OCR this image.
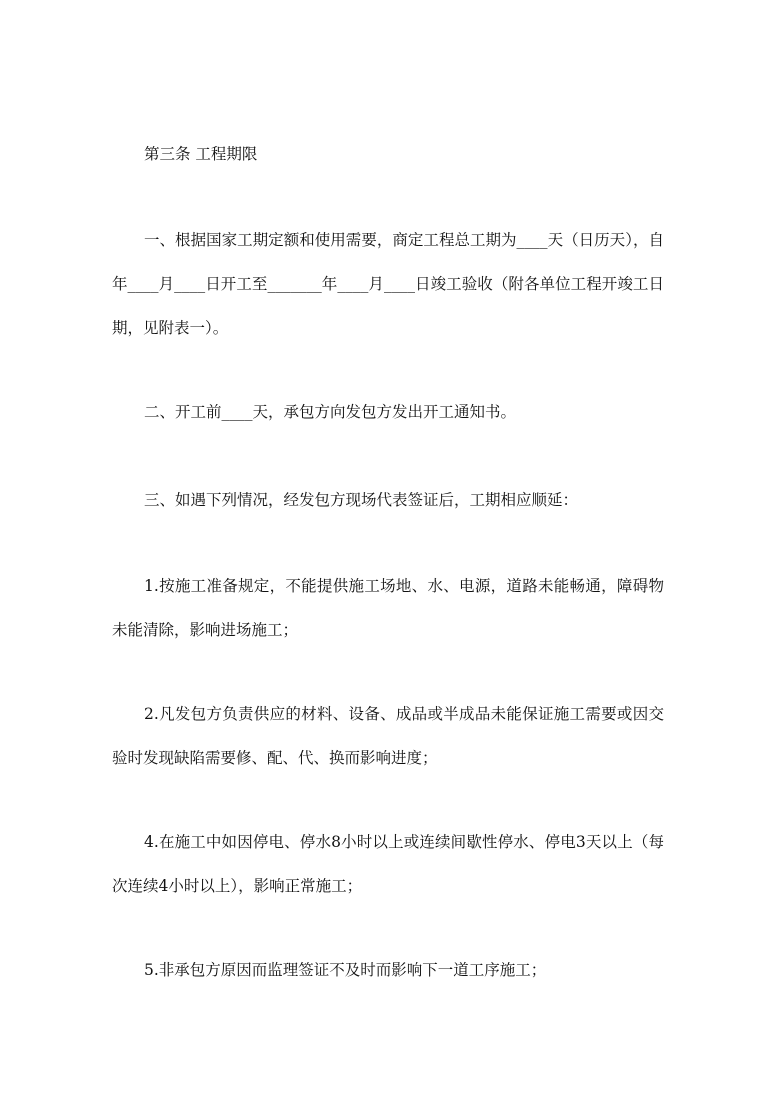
第三条 工程期限

一、根据国家工期定额和使用需要，商定工程总工期为____天（日历天），自年____月____日开工至_______年____月____日竣工验收（附各单位工程开竣工日期，见附表一）。

二、开工前____天，承包方向发包方发出开工通知书。

三、如遇下列情况，经发包方现场代表签证后，工期相应顺延：

1.按施工准备规定，不能提供施工场地、水、电源，道路未能畅通，障碍物未能清除，影响进场施工；

2.凡发包方负责供应的材料、设备、成品或半成品未能保证施工需要或因交验时发现缺陷需要修、配、代、换而影响进度；

4.在施工中如因停电、停水8小时以上或连续间歇性停水、停电3天以上（每次连续4小时以上），影响正常施工；

5.非承包方原因而监理签证不及时而影响下一道工序施工；
